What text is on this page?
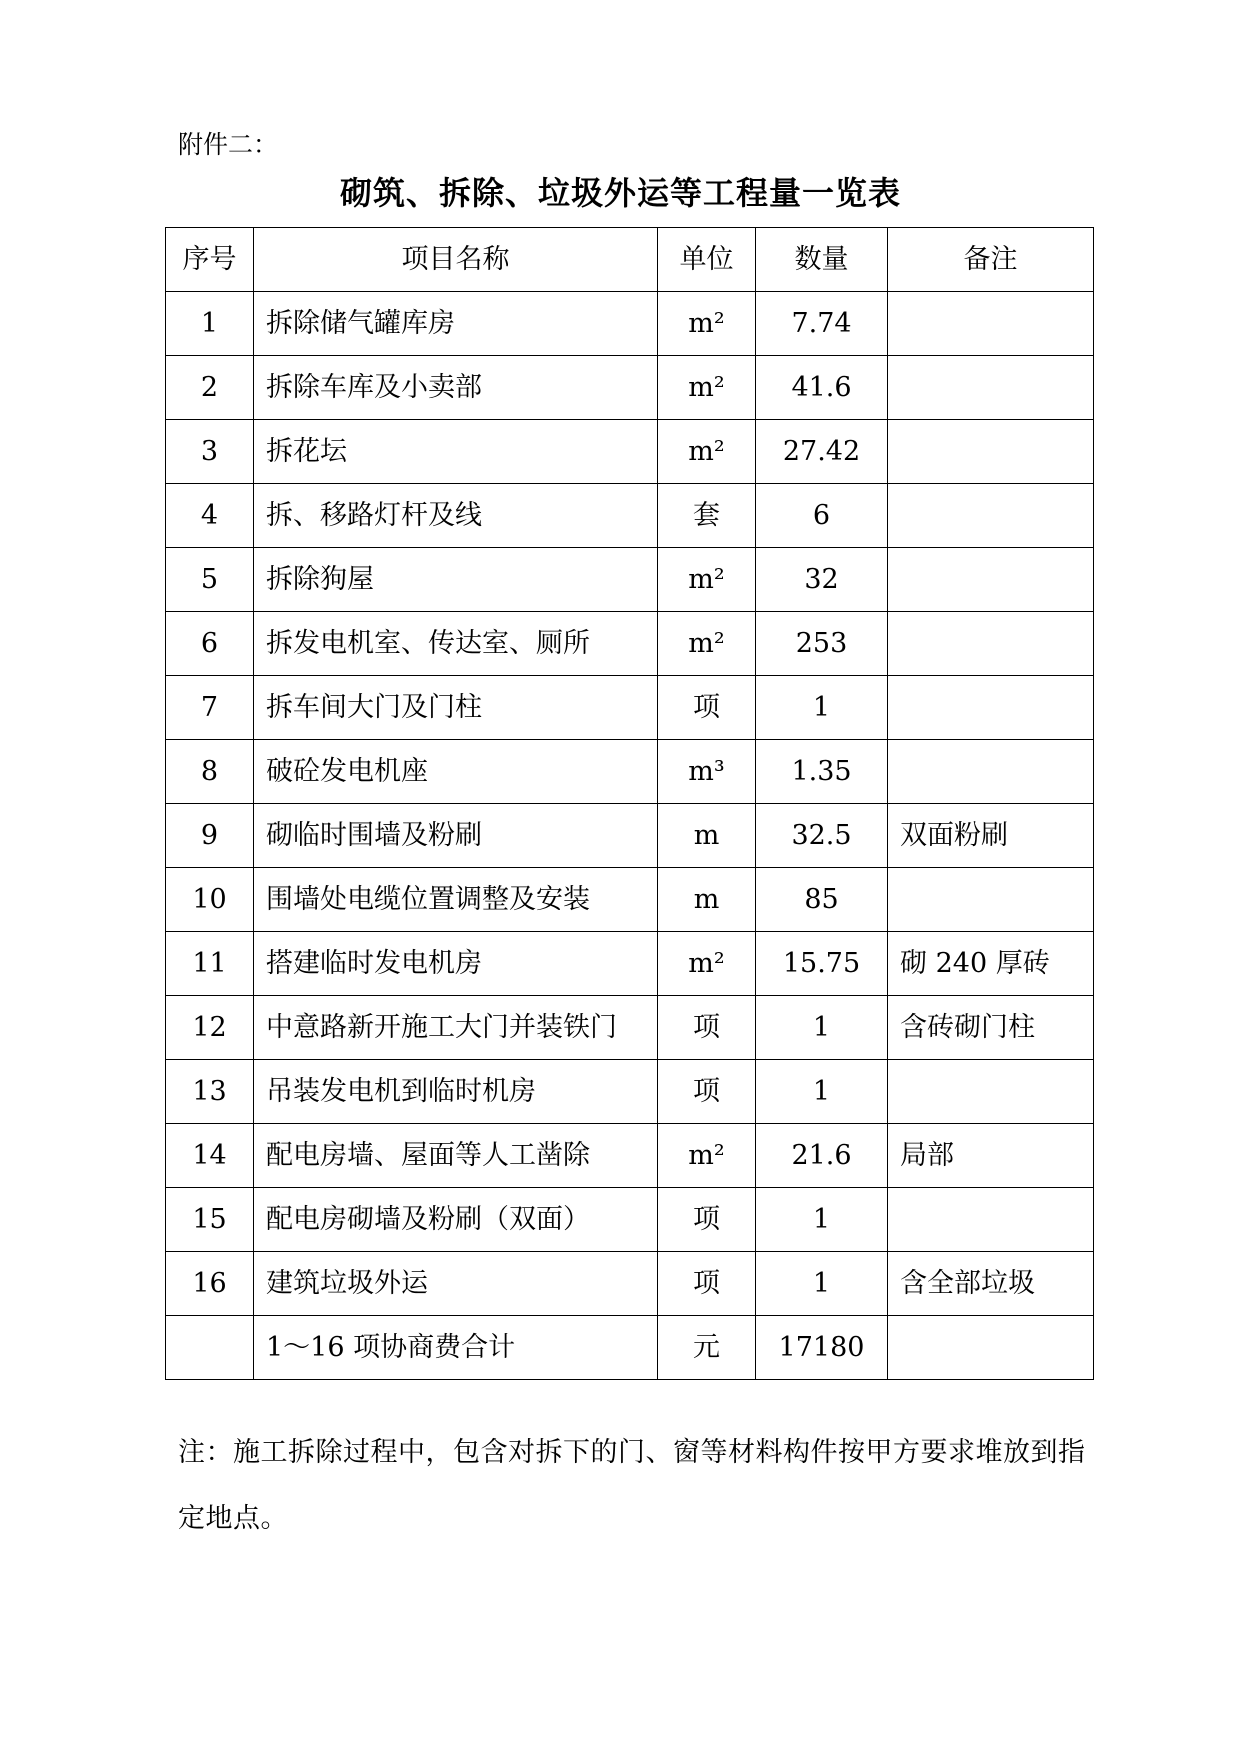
附件二：
砌筑、拆除、垃圾外运等工程量一览表
序号	项目名称	单位	数量	备注
1	拆除储气罐库房	m²	7.74	
2	拆除车库及小卖部	m²	41.6	
3	拆花坛	m²	27.42	
4	拆、移路灯杆及线	套	6	
5	拆除狗屋	m²	32	
6	拆发电机室、传达室、厕所	m²	253	
7	拆车间大门及门柱	项	1	
8	破砼发电机座	m³	1.35	
9	砌临时围墙及粉刷	m	32.5	双面粉刷
10	围墙处电缆位置调整及安装	m	85	
11	搭建临时发电机房	m²	15.75	砌 240 厚砖
12	中意路新开施工大门并装铁门	项	1	含砖砌门柱
13	吊装发电机到临时机房	项	1	
14	配电房墙、屋面等人工凿除	m²	21.6	局部
15	配电房砌墙及粉刷（双面）	项	1	
16	建筑垃圾外运	项	1	含全部垃圾
	1～16 项协商费合计	元	17180	
注：施工拆除过程中，包含对拆下的门、窗等材料构件按甲方要求堆放到指定地点。
